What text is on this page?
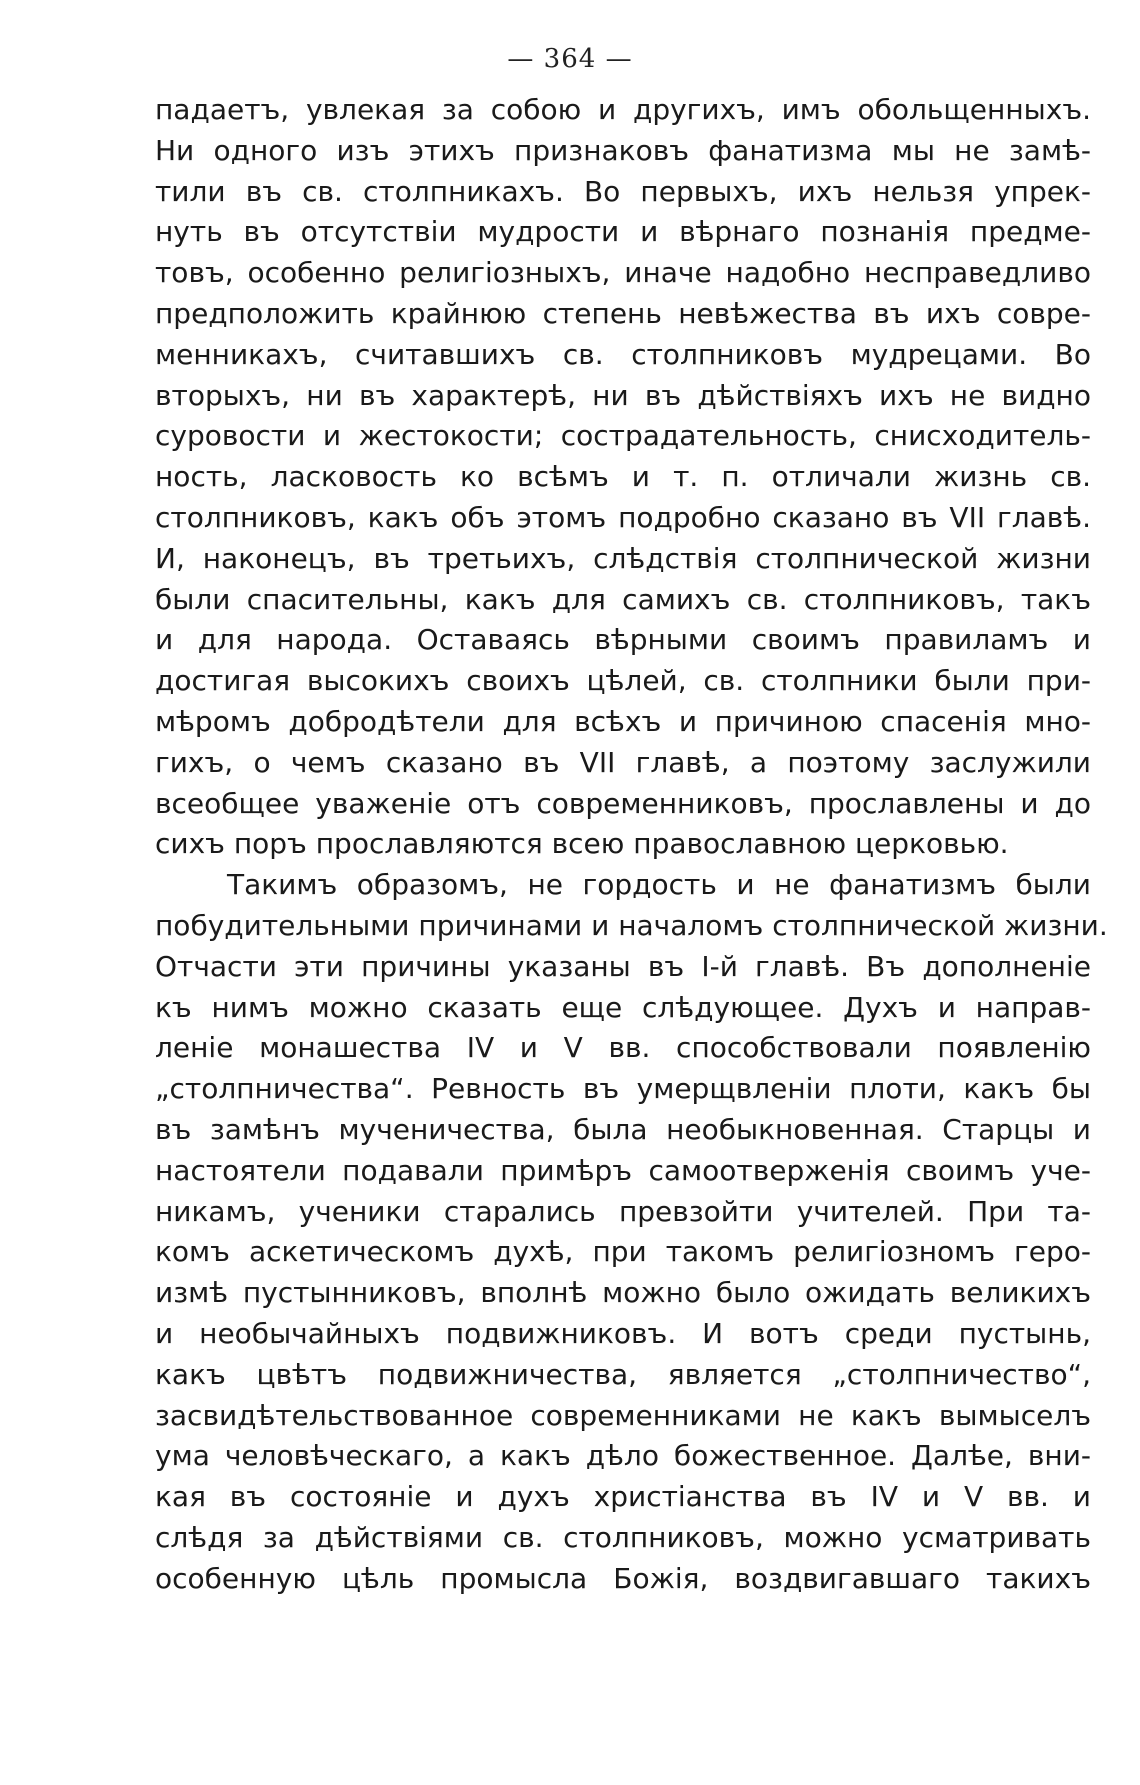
— 364 —

падаетъ, увлекая за собою и другихъ, имъ обольщенныхъ.
Ни одного изъ этихъ признаковъ фанатизма мы не замѣ-
тили въ св. столпникахъ. Во первыхъ, ихъ нельзя упрек-
нуть въ отсутствіи мудрости и вѣрнаго познанія предме-
товъ, особенно религіозныхъ, иначе надобно несправедливо
предположить крайнюю степень невѣжества въ ихъ совре-
менникахъ, считавшихъ св. столпниковъ мудрецами. Во
вторыхъ, ни въ характерѣ, ни въ дѣйствіяхъ ихъ не видно
суровости и жестокости; сострадательность, снисходитель-
ность, ласковость ко всѣмъ и т. п. отличали жизнь св.
столпниковъ, какъ объ этомъ подробно сказано въ VII главѣ.
И, наконецъ, въ третьихъ, слѣдствія столпнической жизни
были спасительны, какъ для самихъ св. столпниковъ, такъ
и для народа. Оставаясь вѣрными своимъ правиламъ и
достигая высокихъ своихъ цѣлей, св. столпники были при-
мѣромъ добродѣтели для всѣхъ и причиною спасенія мно-
гихъ, о чемъ сказано въ VII главѣ, а поэтому заслужили
всеобщее уваженіе отъ современниковъ, прославлены и до
сихъ поръ прославляются всею православною церковью.

Такимъ образомъ, не гордость и не фанатизмъ были
побудительными причинами и началомъ столпнической жизни.
Отчасти эти причины указаны въ I-й главѣ. Въ дополненіе
къ нимъ можно сказать еще слѣдующее. Духъ и направ-
леніе монашества IV и V вв. способствовали появленію
„столпничества“. Ревность въ умерщвленіи плоти, какъ бы
въ замѣнъ мученичества, была необыкновенная. Старцы и
настоятели подавали примѣръ самоотверженія своимъ уче-
никамъ, ученики старались превзойти учителей. При та-
комъ аскетическомъ духѣ, при такомъ религіозномъ геро-
измѣ пустынниковъ, вполнѣ можно было ожидать великихъ
и необычайныхъ подвижниковъ. И вотъ среди пустынь,
какъ цвѣтъ подвижничества, является „столпничество“,
засвидѣтельствованное современниками не какъ вымыселъ
ума человѣческаго, а какъ дѣло божественное. Далѣе, вни-
кая въ состояніе и духъ христіанства въ IV и V вв. и
слѣдя за дѣйствіями св. столпниковъ, можно усматривать
особенную цѣль промысла Божія, воздвигавшаго такихъ
